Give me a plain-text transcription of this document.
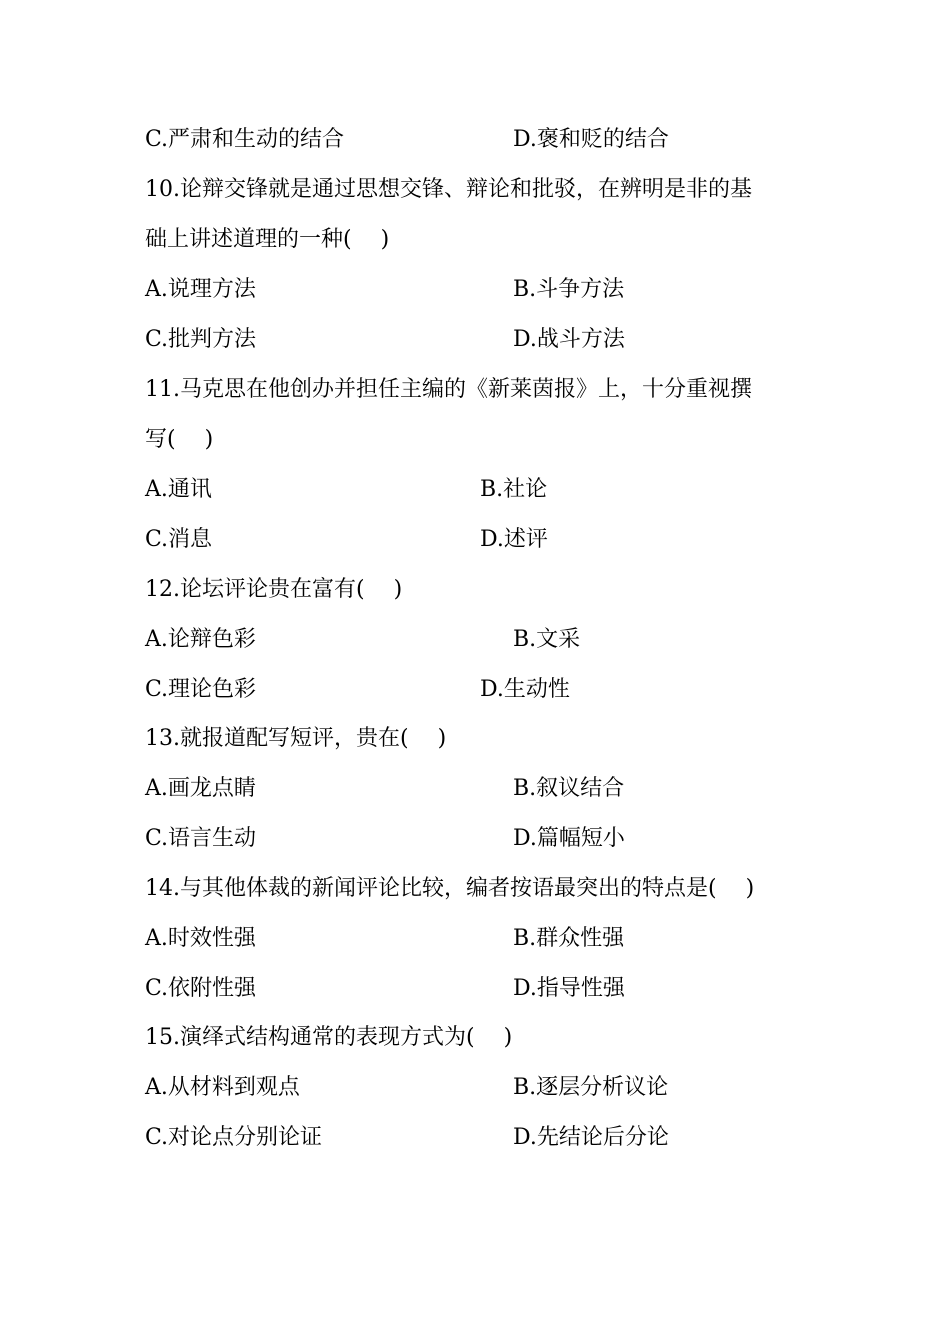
C.严肃和生动的结合	D.褒和贬的结合
10.论辩交锋就是通过思想交锋、辩论和批驳，在辨明是非的基
础上讲述道理的一种(　 )
A.说理方法	B.斗争方法
C.批判方法	D.战斗方法
11.马克思在他创办并担任主编的《新莱茵报》上，十分重视撰
写(　 )
A.通讯	B.社论
C.消息	D.述评
12.论坛评论贵在富有(　 )
A.论辩色彩	B.文采
C.理论色彩	D.生动性
13.就报道配写短评，贵在(　 )
A.画龙点睛	B.叙议结合
C.语言生动	D.篇幅短小
14.与其他体裁的新闻评论比较，编者按语最突出的特点是(　 )
A.时效性强	B.群众性强
C.依附性强	D.指导性强
15.演绎式结构通常的表现方式为(　 )
A.从材料到观点	B.逐层分析议论
C.对论点分别论证	D.先结论后分论
